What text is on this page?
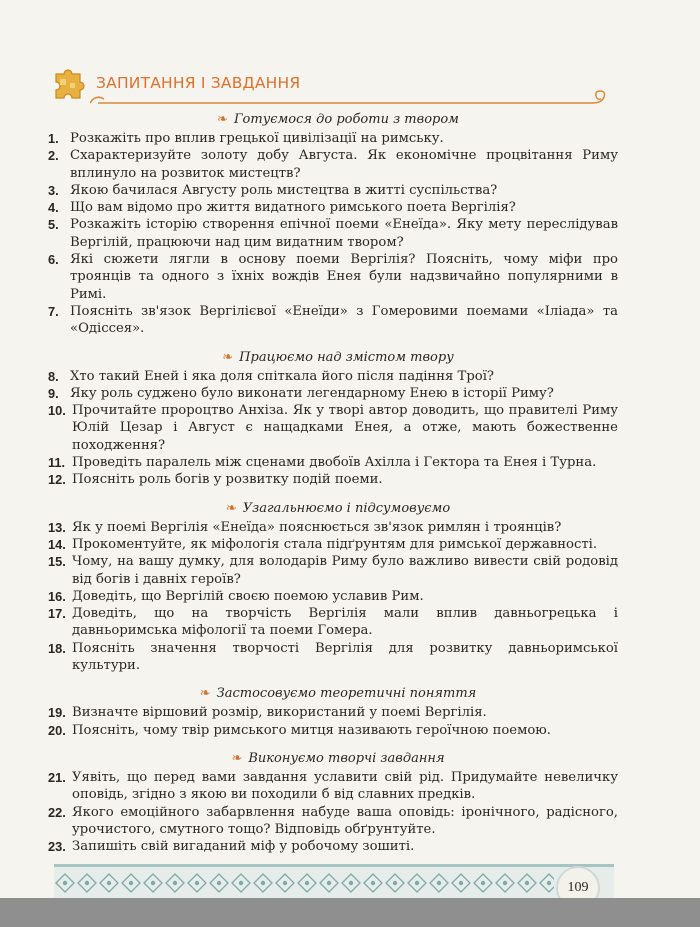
ЗАПИТАННЯ І ЗАВДАННЯ
❧ Готуємося до роботи з твором
1. Розкажіть про вплив грецької цивілізації на римську.
2. Схарактеризуйте золоту добу Августа. Як економічне процвітання Риму вплинуло на розвиток мистецтв?
3. Якою бачилася Августу роль мистецтва в житті суспільства?
4. Що вам відомо про життя видатного римського поета Вергілія?
5. Розкажіть історію створення епічної поеми «Енеїда». Яку мету переслідував Вергілій, працюючи над цим видатним твором?
6. Які сюжети лягли в основу поеми Вергілія? Поясніть, чому міфи про троянців та одного з їхніх вождів Енея були надзвичайно популярними в Римі.
7. Поясніть зв'язок Вергілієвої «Енеїди» з Гомеровими поемами «Іліада» та «Одіссея».
❧ Працюємо над змістом твору
8. Хто такий Еней і яка доля спіткала його після падіння Трої?
9. Яку роль суджено було виконати легендарному Енею в історії Риму?
10. Прочитайте пророцтво Анхіза. Як у творі автор доводить, що правителі Риму Юлій Цезар і Август є нащадками Енея, а отже, мають божественне походження?
11. Проведіть паралель між сценами двобоїв Ахілла і Гектора та Енея і Турна.
12. Поясніть роль богів у розвитку подій поеми.
❧ Узагальнюємо і підсумовуємо
13. Як у поемі Вергілія «Енеїда» пояснюється зв'язок римлян і троянців?
14. Прокоментуйте, як міфологія стала підґрунтям для римської державності.
15. Чому, на вашу думку, для володарів Риму було важливо вивести свій родовід від богів і давніх героїв?
16. Доведіть, що Вергілій своєю поемою уславив Рим.
17. Доведіть, що на творчість Вергілія мали вплив давньогрецька і давньоримська міфології та поеми Гомера.
18. Поясніть значення творчості Вергілія для розвитку давньоримської культури.
❧ Застосовуємо теоретичні поняття
19. Визначте віршовий розмір, використаний у поемі Вергілія.
20. Поясніть, чому твір римського митця називають героїчною поемою.
❧ Виконуємо творчі завдання
21. Уявіть, що перед вами завдання уславити свій рід. Придумайте невеличку оповідь, згідно з якою ви походили б від славних предків.
22. Якого емоційного забарвлення набуде ваша оповідь: іронічного, радісного, урочистого, смутного тощо? Відповідь обґрунтуйте.
23. Запишіть свій вигаданий міф у робочому зошиті.
109
